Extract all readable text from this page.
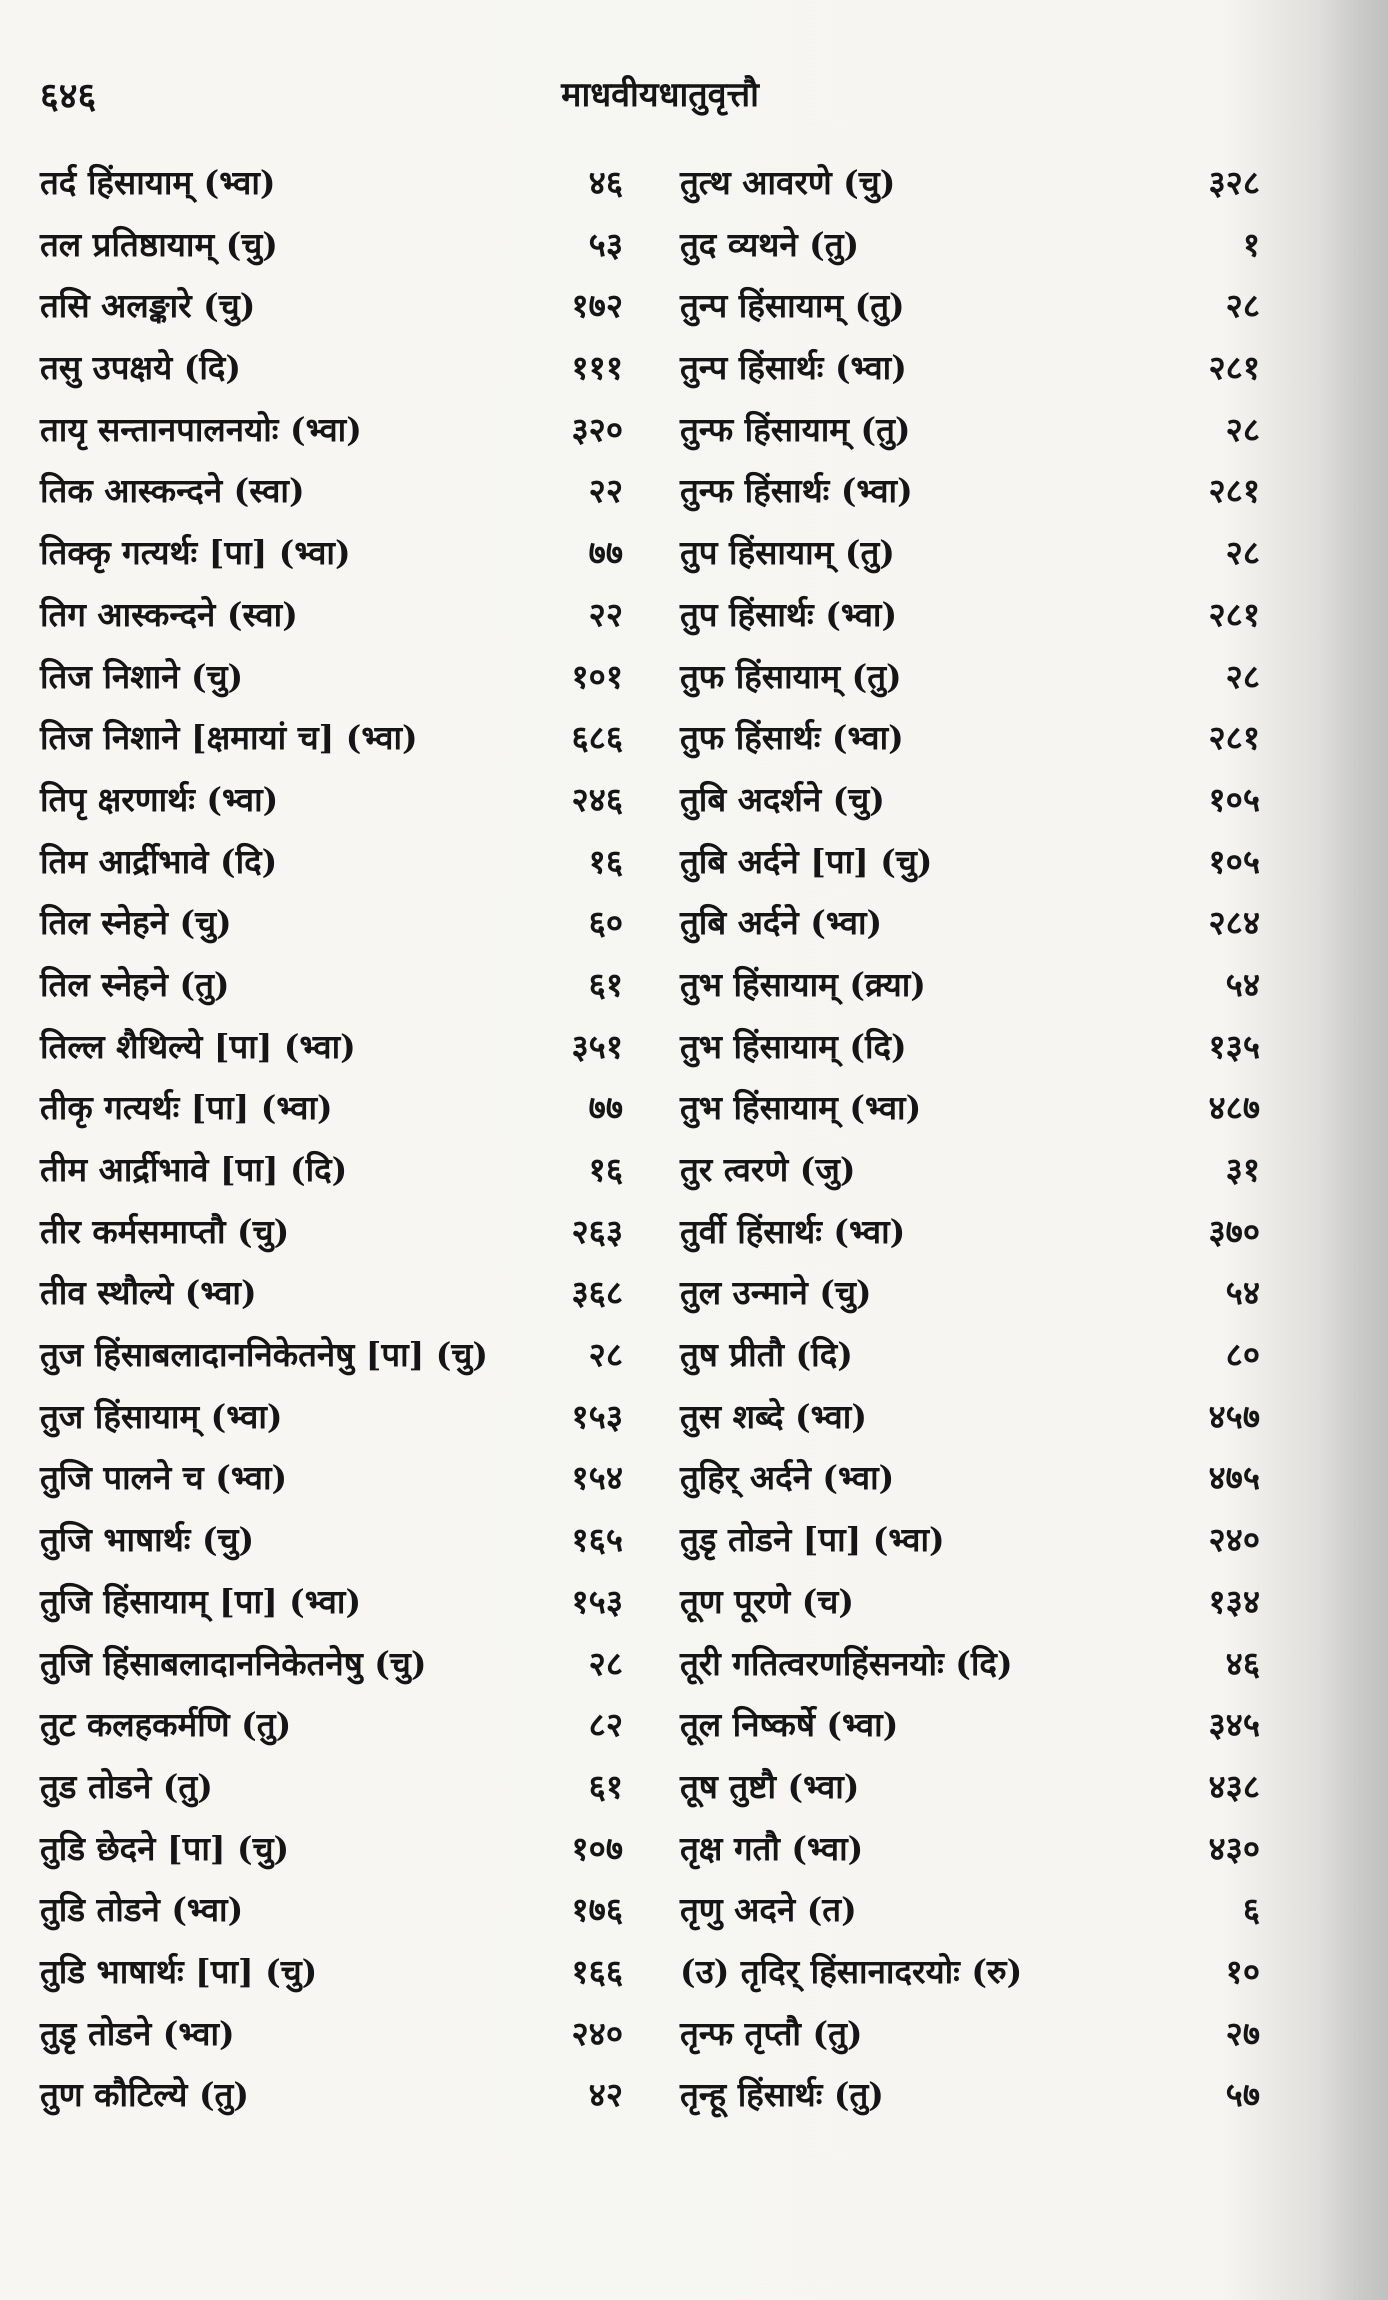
६४६	माधवीयधातुवृत्तौ
तर्द हिंसायाम् (भ्वा)	४६
तल प्रतिष्ठायाम् (चु)	५३
तसि अलङ्कारे (चु)	१७२
तसु उपक्षये (दि)	१११
तायृ सन्तानपालनयोः (भ्वा)	३२०
तिक आस्कन्दने (स्वा)	२२
तिक्कृ गत्यर्थः [पा] (भ्वा)	७७
तिग आस्कन्दने (स्वा)	२२
तिज निशाने (चु)	१०१
तिज निशाने [क्षमायां च] (भ्वा)	६८६
तिपृ क्षरणार्थः (भ्वा)	२४६
तिम आर्द्रीभावे (दि)	१६
तिल स्नेहने (चु)	६०
तिल स्नेहने (तु)	६१
तिल्ल शैथिल्ये [पा] (भ्वा)	३५१
तीकृ गत्यर्थः [पा] (भ्वा)	७७
तीम आर्द्रीभावे [पा] (दि)	१६
तीर कर्मसमाप्तौ (चु)	२६३
तीव स्थौल्ये (भ्वा)	३६८
तुज हिंसाबलादाननिकेतनेषु [पा] (चु)	२८
तुज हिंसायाम् (भ्वा)	१५३
तुजि पालने च (भ्वा)	१५४
तुजि भाषार्थः (चु)	१६५
तुजि हिंसायाम् [पा] (भ्वा)	१५३
तुजि हिंसाबलादाननिकेतनेषु (चु)	२८
तुट कलहकर्मणि (तु)	८२
तुड तोडने (तु)	६१
तुडि छेदने [पा] (चु)	१०७
तुडि तोडने (भ्वा)	१७६
तुडि भाषार्थः [पा] (चु)	१६६
तुडृ तोडने (भ्वा)	२४०
तुण कौटिल्ये (तु)	४२
तुत्थ आवरणे (चु)	३२८
तुद व्यथने (तु)	१
तुन्प हिंसायाम् (तु)	२८
तुन्प हिंसार्थः (भ्वा)	२८१
तुन्फ हिंसायाम् (तु)	२८
तुन्फ हिंसार्थः (भ्वा)	२८१
तुप हिंसायाम् (तु)	२८
तुप हिंसार्थः (भ्वा)	२८१
तुफ हिंसायाम् (तु)	२८
तुफ हिंसार्थः (भ्वा)	२८१
तुबि अदर्शने (चु)	१०५
तुबि अर्दने [पा] (चु)	१०५
तुबि अर्दने (भ्वा)	२८४
तुभ हिंसायाम् (क्र्या)	५४
तुभ हिंसायाम् (दि)	१३५
तुभ हिंसायाम् (भ्वा)	४८७
तुर त्वरणे (जु)	३१
तुर्वी हिंसार्थः (भ्वा)	३७०
तुल उन्माने (चु)	५४
तुष प्रीतौ (दि)	८०
तुस शब्दे (भ्वा)	४५७
तुहिर् अर्दने (भ्वा)	४७५
तुडृ तोडने [पा] (भ्वा)	२४०
तूण पूरणे (च)	१३४
तूरी गतित्वरणहिंसनयोः (दि)	४६
तूल निष्कर्षे (भ्वा)	३४५
तूष तुष्टौ (भ्वा)	४३८
तृक्ष गतौ (भ्वा)	४३०
तृणु अदने (त)	६
(उ) तृदिर् हिंसानादरयोः (रु)	१०
तृन्फ तृप्तौ (तु)	२७
तृन्हू हिंसार्थः (तु)	५७
